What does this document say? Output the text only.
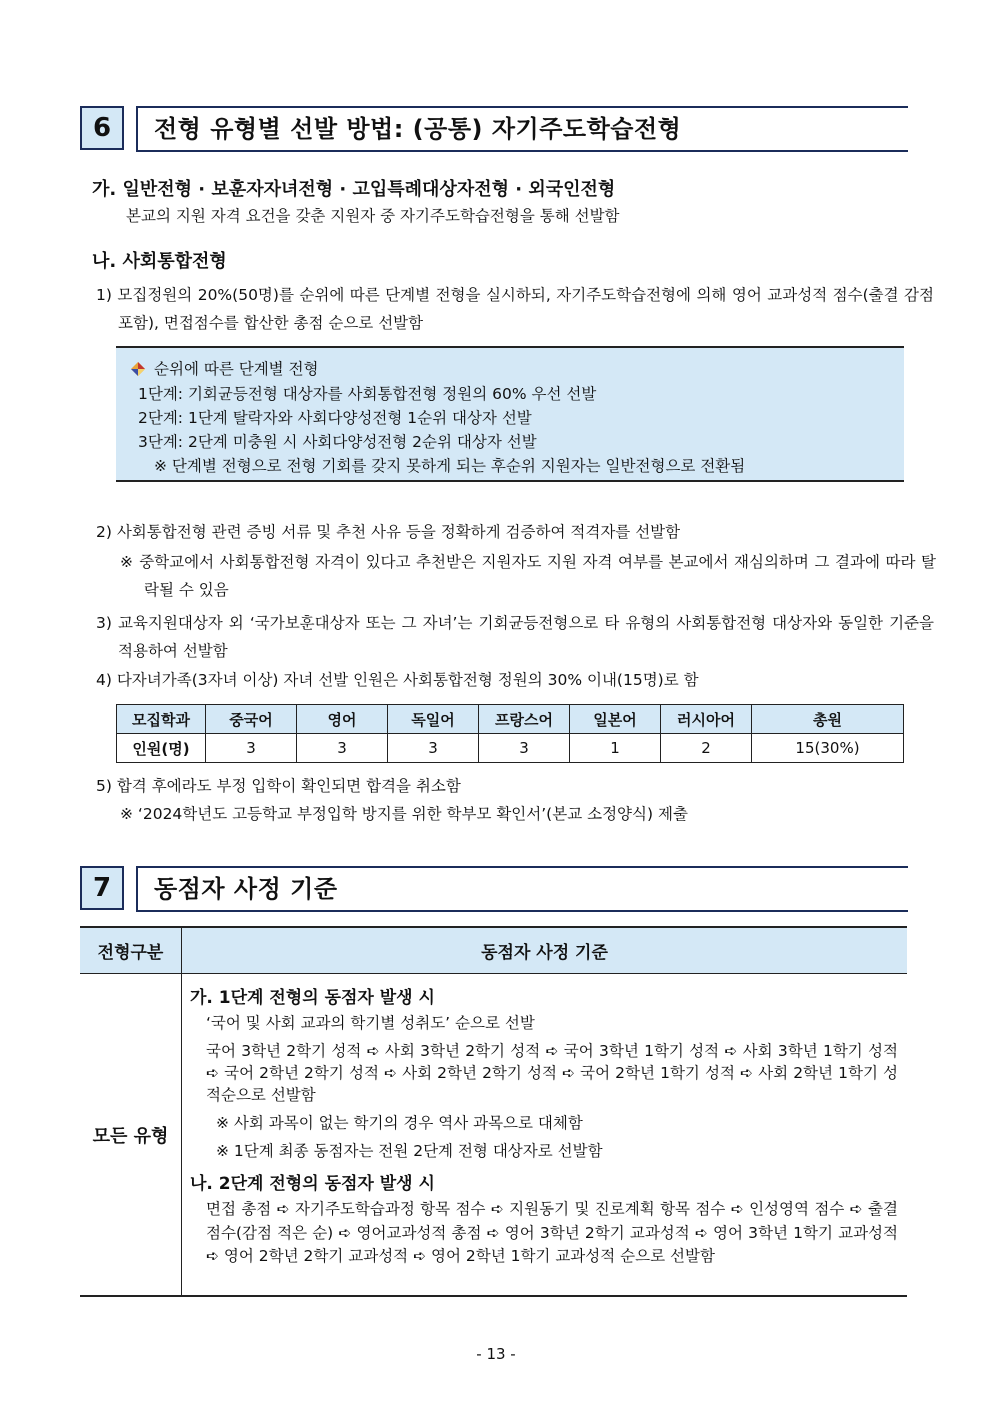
6	전형 유형별 선발 방법: (공통) 자기주도학습전형
가. 일반전형 · 보훈자자녀전형 · 고입특례대상자전형 · 외국인전형
본교의 지원 자격 요건을 갖춘 지원자 중 자기주도학습전형을 통해 선발함
나. 사회통합전형
1) 모집정원의 20%(50명)를 순위에 따른 단계별 전형을 실시하되, 자기주도학습전형에 의해 영어 교과성적 점수(출결 감점 포함), 면접점수를 합산한 총점 순으로 선발함
순위에 따른 단계별 전형
1단계: 기회균등전형 대상자를 사회통합전형 정원의 60% 우선 선발
2단계: 1단계 탈락자와 사회다양성전형 1순위 대상자 선발
3단계: 2단계 미충원 시 사회다양성전형 2순위 대상자 선발
※ 단계별 전형으로 전형 기회를 갖지 못하게 되는 후순위 지원자는 일반전형으로 전환됨
2) 사회통합전형 관련 증빙 서류 및 추천 사유 등을 정확하게 검증하여 적격자를 선발함
※ 중학교에서 사회통합전형 자격이 있다고 추천받은 지원자도 지원 자격 여부를 본교에서 재심의하며 그 결과에 따라 탈락될 수 있음
3) 교육지원대상자 외 ‘국가보훈대상자 또는 그 자녀’는 기회균등전형으로 타 유형의 사회통합전형 대상자와 동일한 기준을 적용하여 선발함
4) 다자녀가족(3자녀 이상) 자녀 선발 인원은 사회통합전형 정원의 30% 이내(15명)로 함
모집학과	중국어	영어	독일어	프랑스어	일본어	러시아어	총원
인원(명)	3	3	3	3	1	2	15(30%)
5) 합격 후에라도 부정 입학이 확인되면 합격을 취소함
※ ‘2024학년도 고등학교 부정입학 방지를 위한 학부모 확인서’(본교 소정양식) 제출
7	동점자 사정 기준
전형구분	동점자 사정 기준
모든 유형
가. 1단계 전형의 동점자 발생 시
‘국어 및 사회 교과의 학기별 성취도’ 순으로 선발
국어 3학년 2학기 성적 ➪ 사회 3학년 2학기 성적 ➪ 국어 3학년 1학기 성적 ➪ 사회 3학년 1학기 성적 ➪ 국어 2학년 2학기 성적 ➪ 사회 2학년 2학기 성적 ➪ 국어 2학년 1학기 성적 ➪ 사회 2학년 1학기 성적순으로 선발함
※ 사회 과목이 없는 학기의 경우 역사 과목으로 대체함
※ 1단계 최종 동점자는 전원 2단계 전형 대상자로 선발함
나. 2단계 전형의 동점자 발생 시
면접 총점 ➪ 자기주도학습과정 항목 점수 ➪ 지원동기 및 진로계획 항목 점수 ➪ 인성영역 점수 ➪ 출결 점수(감점 적은 순) ➪ 영어교과성적 총점 ➪ 영어 3학년 2학기 교과성적 ➪ 영어 3학년 1학기 교과성적 ➪ 영어 2학년 2학기 교과성적 ➪ 영어 2학년 1학기 교과성적 순으로 선발함
- 13 -
